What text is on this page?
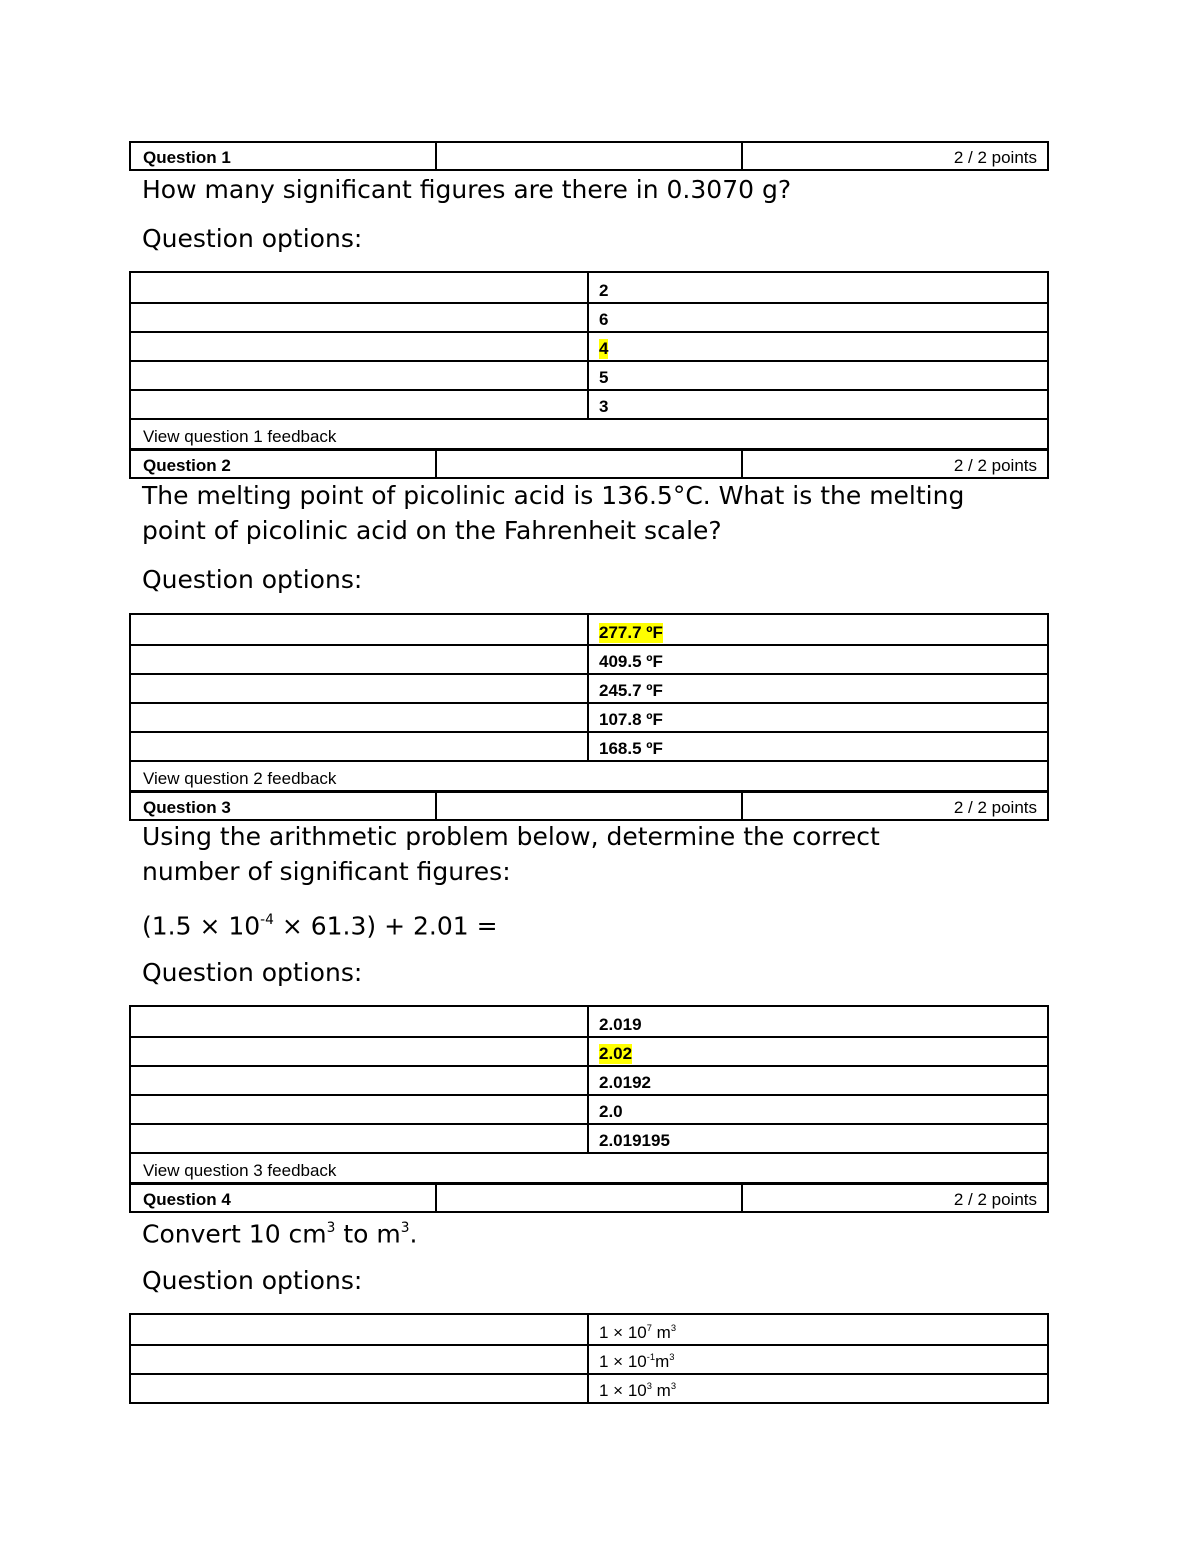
Question 1	2 / 2 points

How many significant figures are there in 0.3070 g?

Question options:

2
6
4
5
3
View question 1 feedback
Question 2	2 / 2 points

The melting point of picolinic acid is 136.5°C. What is the melting

point of picolinic acid on the Fahrenheit scale?

Question options:

277.7 ºF
409.5 ºF
245.7 ºF
107.8 ºF
168.5 ºF
View question 2 feedback
Question 3	2 / 2 points

Using the arithmetic problem below, determine the correct

number of significant figures:

$(1.5 \times 10^{-4} \times 61.3) + 2.01$ =

Question options:

2.019
2.02
2.0192
2.0
2.019195
View question 3 feedback
Question 4	2 / 2 points

Convert 10 $cm^3$ to $m^3$.

Question options:

$1 \times 10^7$ $m^3$
$1 \times 10^{-1}m^3$
$1 \times 10^3$ $m^3$
